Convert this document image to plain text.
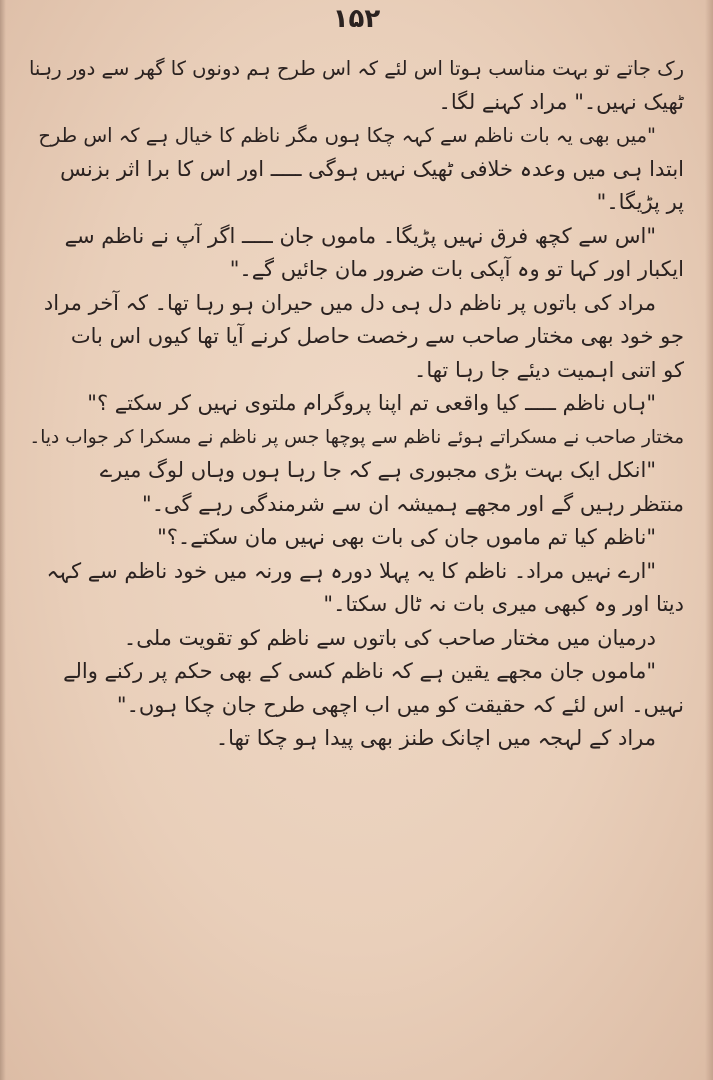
۱۵۲
رک جاتے تو بہت مناسب ہوتا اس لئے کہ اس طرح ہم دونوں کا گھر سے دور رہنا
ٹھیک نہیں۔" مراد کہنے لگا۔
"میں بھی یہ بات ناظم سے کہہ چکا ہوں مگر ناظم کا خیال ہے کہ اس طرح
ابتدا ہی میں وعدہ خلافی ٹھیک نہیں ہوگی ـــــ اور اس کا برا اثر بزنس
پر پڑیگا۔"
"اس سے کچھ فرق نہیں پڑیگا۔ ماموں جان ـــــ اگر آپ نے ناظم سے
ایکبار اور کہا تو وہ آپکی بات ضرور مان جائیں گے۔"
مراد کی باتوں پر ناظم دل ہی دل میں حیران ہو رہا تھا۔ کہ آخر مراد
جو خود بھی مختار صاحب سے رخصت حاصل کرنے آیا تھا کیوں اس بات
کو اتنی اہمیت دیئے جا رہا تھا۔
"ہاں ناظم ـــــ کیا واقعی تم اپنا پروگرام ملتوی نہیں کر سکتے ؟"
مختار صاحب نے مسکراتے ہوئے ناظم سے پوچھا جس پر ناظم نے مسکرا کر جواب دیا۔
"انکل ایک بہت بڑی مجبوری ہے کہ جا رہا ہوں وہاں لوگ میرے
منتظر رہیں گے اور مجھے ہمیشہ ان سے شرمندگی رہے گی۔"
"ناظم کیا تم ماموں جان کی بات بھی نہیں مان سکتے۔؟"
"ارے نہیں مراد۔ ناظم کا یہ پہلا دورہ ہے ورنہ میں خود ناظم سے کہہ
دیتا اور وہ کبھی میری بات نہ ٹال سکتا۔"
درمیان میں مختار صاحب کی باتوں سے ناظم کو تقویت ملی۔
"ماموں جان مجھے یقین ہے کہ ناظم کسی کے بھی حکم پر رکنے والے
نہیں۔ اس لئے کہ حقیقت کو میں اب اچھی طرح جان چکا ہوں۔"
مراد کے لہجہ میں اچانک طنز بھی پیدا ہو چکا تھا۔
